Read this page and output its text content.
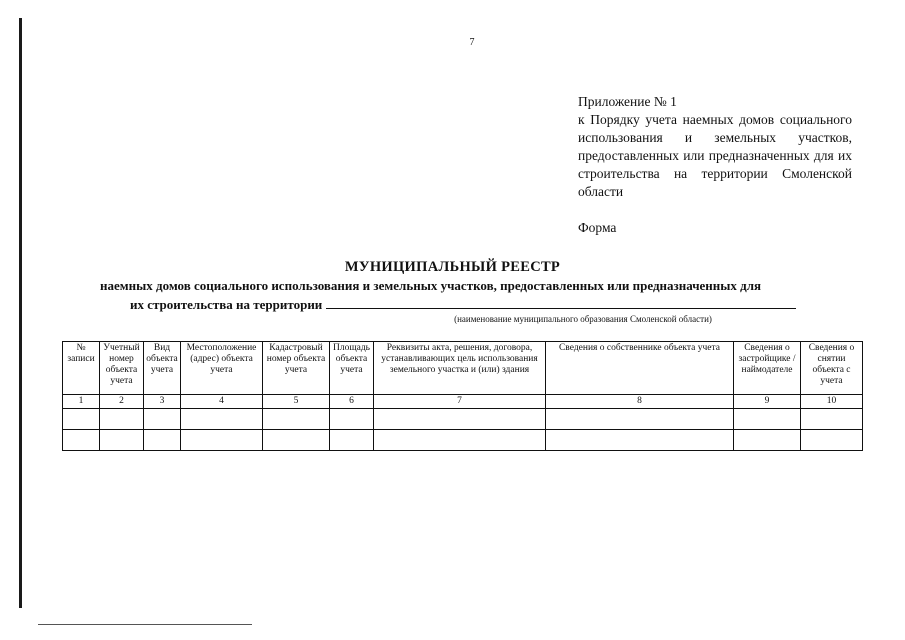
7
Приложение № 1
к Порядку учета наемных домов социального использования и земельных участков, предоставленных или предназначенных для их строительства на территории Смоленской области
Форма
МУНИЦИПАЛЬНЫЙ РЕЕСТР
наемных домов социального использования и земельных участков, предоставленных или предназначенных для
их строительства на территории
(наименование муниципального образования Смоленской области)
№ записи	Учетный номер объекта учета	Вид объекта учета	Местоположение (адрес) объекта учета	Кадастровый номер объекта учета	Площадь объекта учета	Реквизиты акта, решения, договора, устанавливающих цель использования земельного участка и (или) здания	Сведения о собственнике объекта учета	Сведения о застройщике / наймодателе	Сведения о снятии объекта с учета
1	2	3	4	5	6	7	8	9	10
